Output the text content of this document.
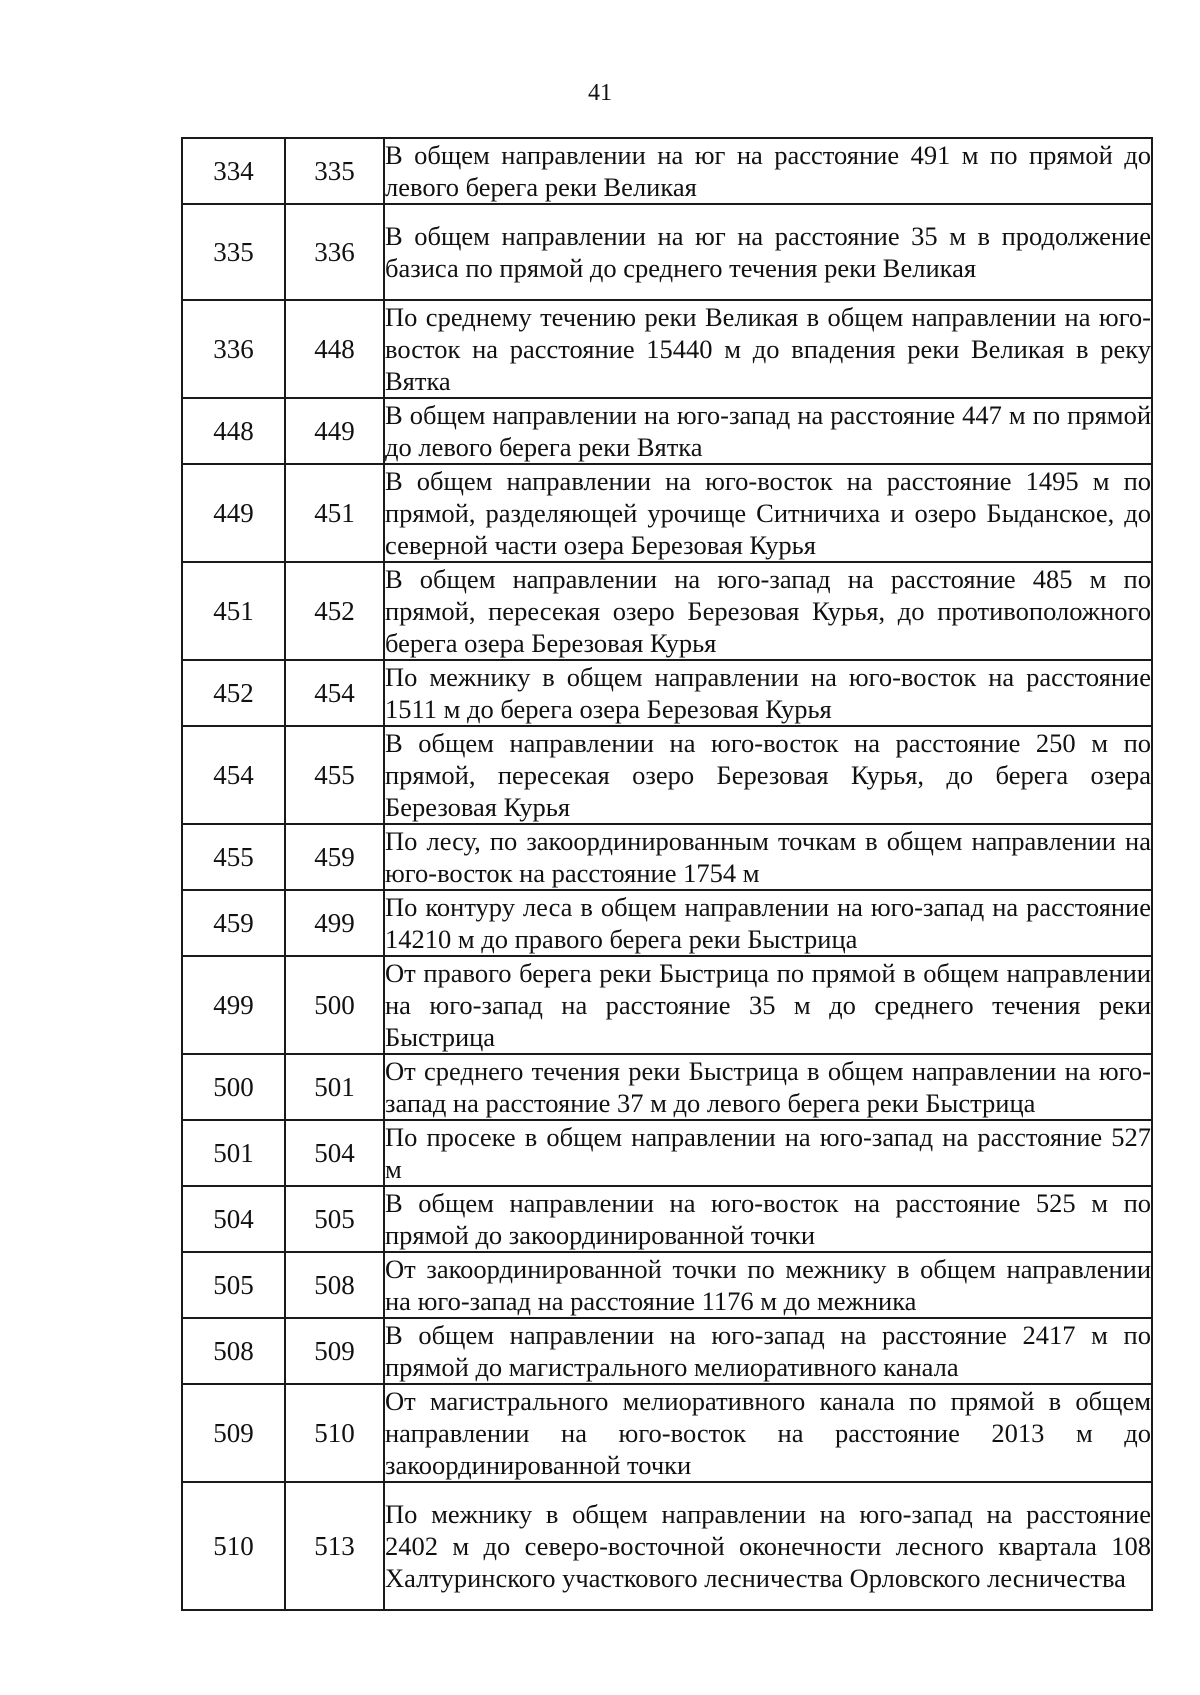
41
334	335	В общем направлении на юг на расстояние 491 м по прямой до левого берега реки Великая
335	336	В общем направлении на юг на расстояние 35 м в продолжение базиса по прямой до среднего течения реки Великая
336	448	По среднему течению реки Великая в общем направлении на юго-восток на расстояние 15440 м до впадения реки Великая в реку Вятка
448	449	В общем направлении на юго-запад на расстояние 447 м по прямой до левого берега реки Вятка
449	451	В общем направлении на юго-восток на расстояние 1495 м по прямой, разделяющей урочище Ситничиха и озеро Быданское, до северной части озера Березовая Курья
451	452	В общем направлении на юго-запад на расстояние 485 м по прямой, пересекая озеро Березовая Курья, до противоположного берега озера Березовая Курья
452	454	По межнику в общем направлении на юго-восток на расстояние 1511 м до берега озера Березовая Курья
454	455	В общем направлении на юго-восток на расстояние 250 м по прямой, пересекая озеро Березовая Курья, до берега озера Березовая Курья
455	459	По лесу, по закоординированным точкам в общем направлении на юго-восток на расстояние 1754 м
459	499	По контуру леса в общем направлении на юго-запад на расстояние 14210 м до правого берега реки Быстрица
499	500	От правого берега реки Быстрица по прямой в общем направлении на юго-запад на расстояние 35 м до среднего течения реки Быстрица
500	501	От среднего течения реки Быстрица в общем направлении на юго-запад на расстояние 37 м до левого берега реки Быстрица
501	504	По просеке в общем направлении на юго-запад на расстояние 527 м
504	505	В общем направлении на юго-восток на расстояние 525 м по прямой до закоординированной точки
505	508	От закоординированной точки по межнику в общем направлении на юго-запад на расстояние 1176 м до межника
508	509	В общем направлении на юго-запад на расстояние 2417 м по прямой до магистрального мелиоративного канала
509	510	От магистрального мелиоративного канала по прямой в общем направлении на юго-восток на расстояние 2013 м до закоординированной точки
510	513	По межнику в общем направлении на юго-запад на расстояние 2402 м до северо-восточной оконечности лесного квартала 108 Халтуринского участкового лесничества Орловского лесничества
